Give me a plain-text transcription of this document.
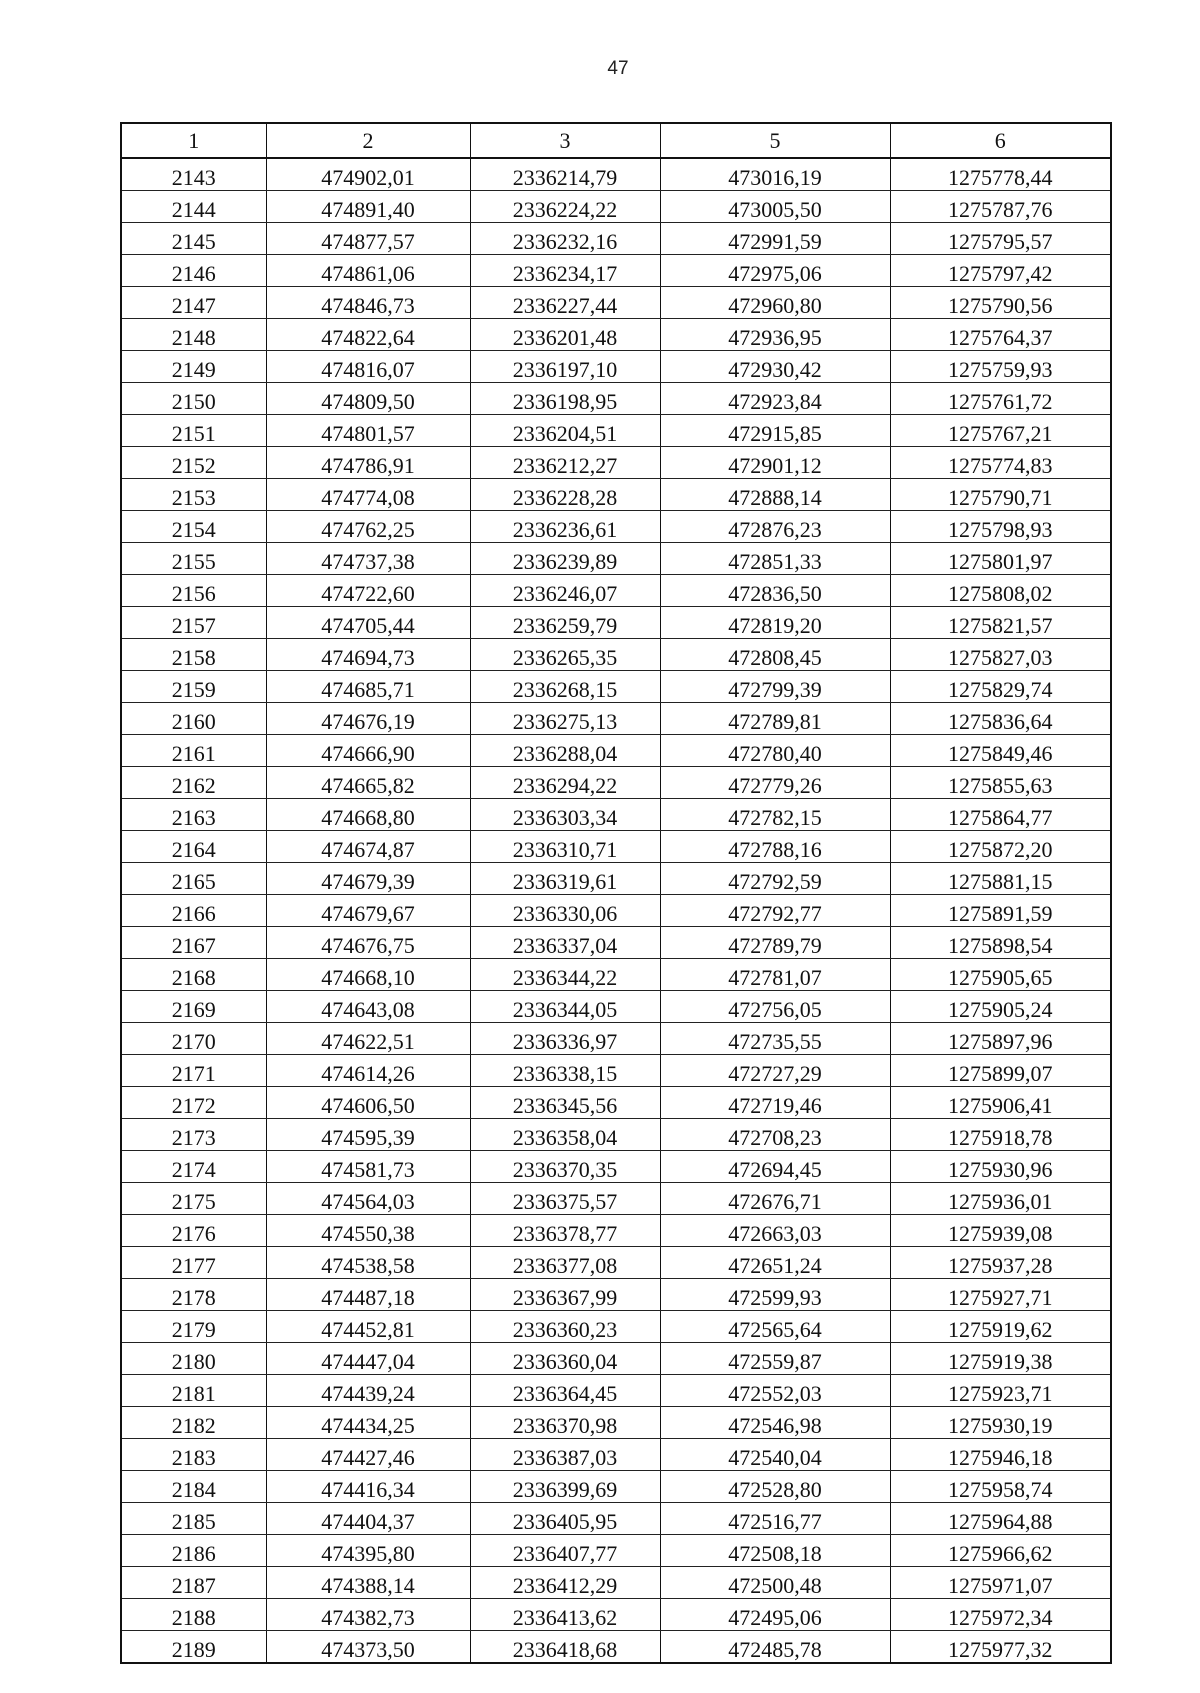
47
1	2	3	5	6
2143	474902,01	2336214,79	473016,19	1275778,44
2144	474891,40	2336224,22	473005,50	1275787,76
2145	474877,57	2336232,16	472991,59	1275795,57
2146	474861,06	2336234,17	472975,06	1275797,42
2147	474846,73	2336227,44	472960,80	1275790,56
2148	474822,64	2336201,48	472936,95	1275764,37
2149	474816,07	2336197,10	472930,42	1275759,93
2150	474809,50	2336198,95	472923,84	1275761,72
2151	474801,57	2336204,51	472915,85	1275767,21
2152	474786,91	2336212,27	472901,12	1275774,83
2153	474774,08	2336228,28	472888,14	1275790,71
2154	474762,25	2336236,61	472876,23	1275798,93
2155	474737,38	2336239,89	472851,33	1275801,97
2156	474722,60	2336246,07	472836,50	1275808,02
2157	474705,44	2336259,79	472819,20	1275821,57
2158	474694,73	2336265,35	472808,45	1275827,03
2159	474685,71	2336268,15	472799,39	1275829,74
2160	474676,19	2336275,13	472789,81	1275836,64
2161	474666,90	2336288,04	472780,40	1275849,46
2162	474665,82	2336294,22	472779,26	1275855,63
2163	474668,80	2336303,34	472782,15	1275864,77
2164	474674,87	2336310,71	472788,16	1275872,20
2165	474679,39	2336319,61	472792,59	1275881,15
2166	474679,67	2336330,06	472792,77	1275891,59
2167	474676,75	2336337,04	472789,79	1275898,54
2168	474668,10	2336344,22	472781,07	1275905,65
2169	474643,08	2336344,05	472756,05	1275905,24
2170	474622,51	2336336,97	472735,55	1275897,96
2171	474614,26	2336338,15	472727,29	1275899,07
2172	474606,50	2336345,56	472719,46	1275906,41
2173	474595,39	2336358,04	472708,23	1275918,78
2174	474581,73	2336370,35	472694,45	1275930,96
2175	474564,03	2336375,57	472676,71	1275936,01
2176	474550,38	2336378,77	472663,03	1275939,08
2177	474538,58	2336377,08	472651,24	1275937,28
2178	474487,18	2336367,99	472599,93	1275927,71
2179	474452,81	2336360,23	472565,64	1275919,62
2180	474447,04	2336360,04	472559,87	1275919,38
2181	474439,24	2336364,45	472552,03	1275923,71
2182	474434,25	2336370,98	472546,98	1275930,19
2183	474427,46	2336387,03	472540,04	1275946,18
2184	474416,34	2336399,69	472528,80	1275958,74
2185	474404,37	2336405,95	472516,77	1275964,88
2186	474395,80	2336407,77	472508,18	1275966,62
2187	474388,14	2336412,29	472500,48	1275971,07
2188	474382,73	2336413,62	472495,06	1275972,34
2189	474373,50	2336418,68	472485,78	1275977,32
